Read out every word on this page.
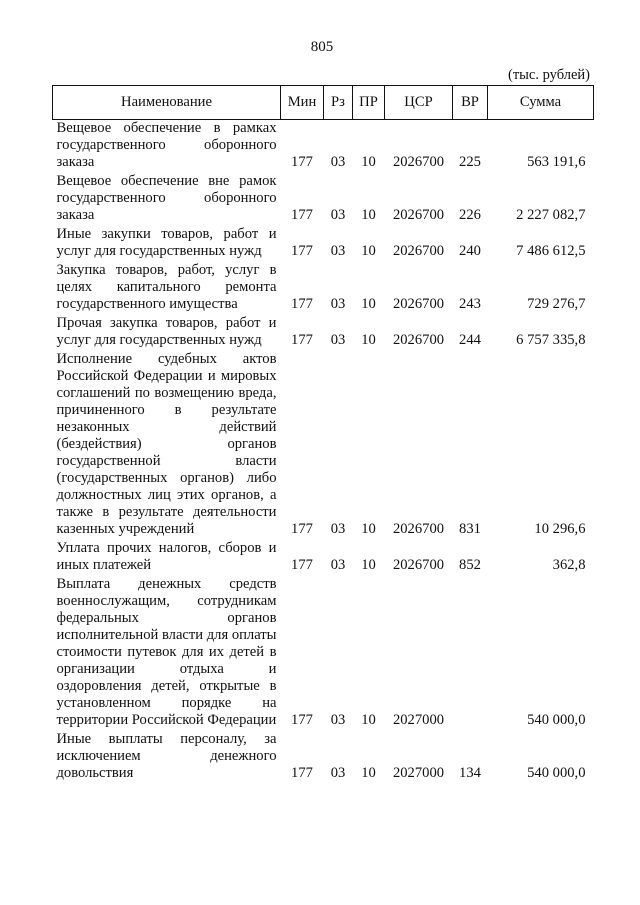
805
(тыс. рублей)
Наименование	Мин	Рз	ПР	ЦСР	ВР	Сумма
Вещевое обеспечение в рамках государственного оборонного заказа	177	03	10	2026700	225	563 191,6
Вещевое обеспечение вне рамок государственного оборонного заказа	177	03	10	2026700	226	2 227 082,7
Иные закупки товаров, работ и услуг для государственных нужд	177	03	10	2026700	240	7 486 612,5
Закупка товаров, работ, услуг в целях капитального ремонта государственного имущества	177	03	10	2026700	243	729 276,7
Прочая закупка товаров, работ и услуг для государственных нужд	177	03	10	2026700	244	6 757 335,8
Исполнение судебных актов Российской Федерации и мировых соглашений по возмещению вреда, причиненного в результате незаконных действий (бездействия) органов государственной власти (государственных органов) либо должностных лиц этих органов, а также в результате деятельности казенных учреждений	177	03	10	2026700	831	10 296,6
Уплата прочих налогов, сборов и иных платежей	177	03	10	2026700	852	362,8
Выплата денежных средств военнослужащим, сотрудникам федеральных органов исполнительной власти для оплаты стоимости путевок для их детей в организации отдыха и оздоровления детей, открытые в установленном порядке на территории Российской Федерации	177	03	10	2027000		540 000,0
Иные выплаты персоналу, за исключением денежного довольствия	177	03	10	2027000	134	540 000,0
